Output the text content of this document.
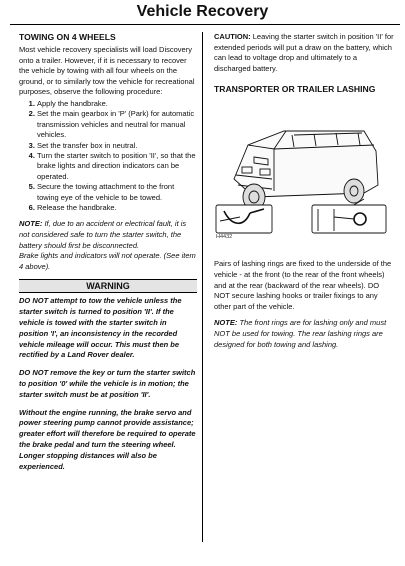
Vehicle Recovery
TOWING ON 4 WHEELS

Most vehicle recovery specialists will load Discovery onto a trailer. However, if it is necessary to recover the vehicle by towing with all four wheels on the ground, or to similarly tow the vehicle for recreational purposes, observe the following procedure:

1. Apply the handbrake.
2. Set the main gearbox in 'P' (Park) for automatic transmission vehicles and neutral for manual vehicles.
3. Set the transfer box in neutral.
4. Turn the starter switch to position 'II', so that the brake lights and direction indicators can be operated.
5. Secure the towing attachment to the front towing eye of the vehicle to be towed.
6. Release the handbrake.

NOTE: If, due to an accident or electrical fault, it is not considered safe to turn the starter switch, the battery should first be disconnected.
Brake lights and indicators will not operate. (See item 4 above).

WARNING

DO NOT attempt to tow the vehicle unless the starter switch is turned to position 'II'. If the vehicle is towed with the starter switch in position 'I', an inconsistency in the recorded vehicle mileage will occur. This must then be rectified by a Land Rover dealer.

DO NOT remove the key or turn the starter switch to position '0' while the vehicle is in motion; the starter switch must be at position 'II'.

Without the engine running, the brake servo and power steering pump cannot provide assistance; greater effort will therefore be required to operate the brake pedal and turn the steering wheel. Longer stopping distances will also be experienced.

CAUTION: Leaving the starter switch in position 'II' for extended periods will put a draw on the battery, which can lead to voltage drop and ultimately to a discharged battery.

TRANSPORTER OR TRAILER LASHING
H4432

Pairs of lashing rings are fixed to the underside of the vehicle - at the front (to the rear of the front wheels) and at the rear (backward of the rear wheels). DO NOT secure lashing hooks or trailer fixings to any other part of the vehicle.

NOTE: The front rings are for lashing only and must NOT be used for towing. The rear lashing rings are designed for both towing and lashing.
